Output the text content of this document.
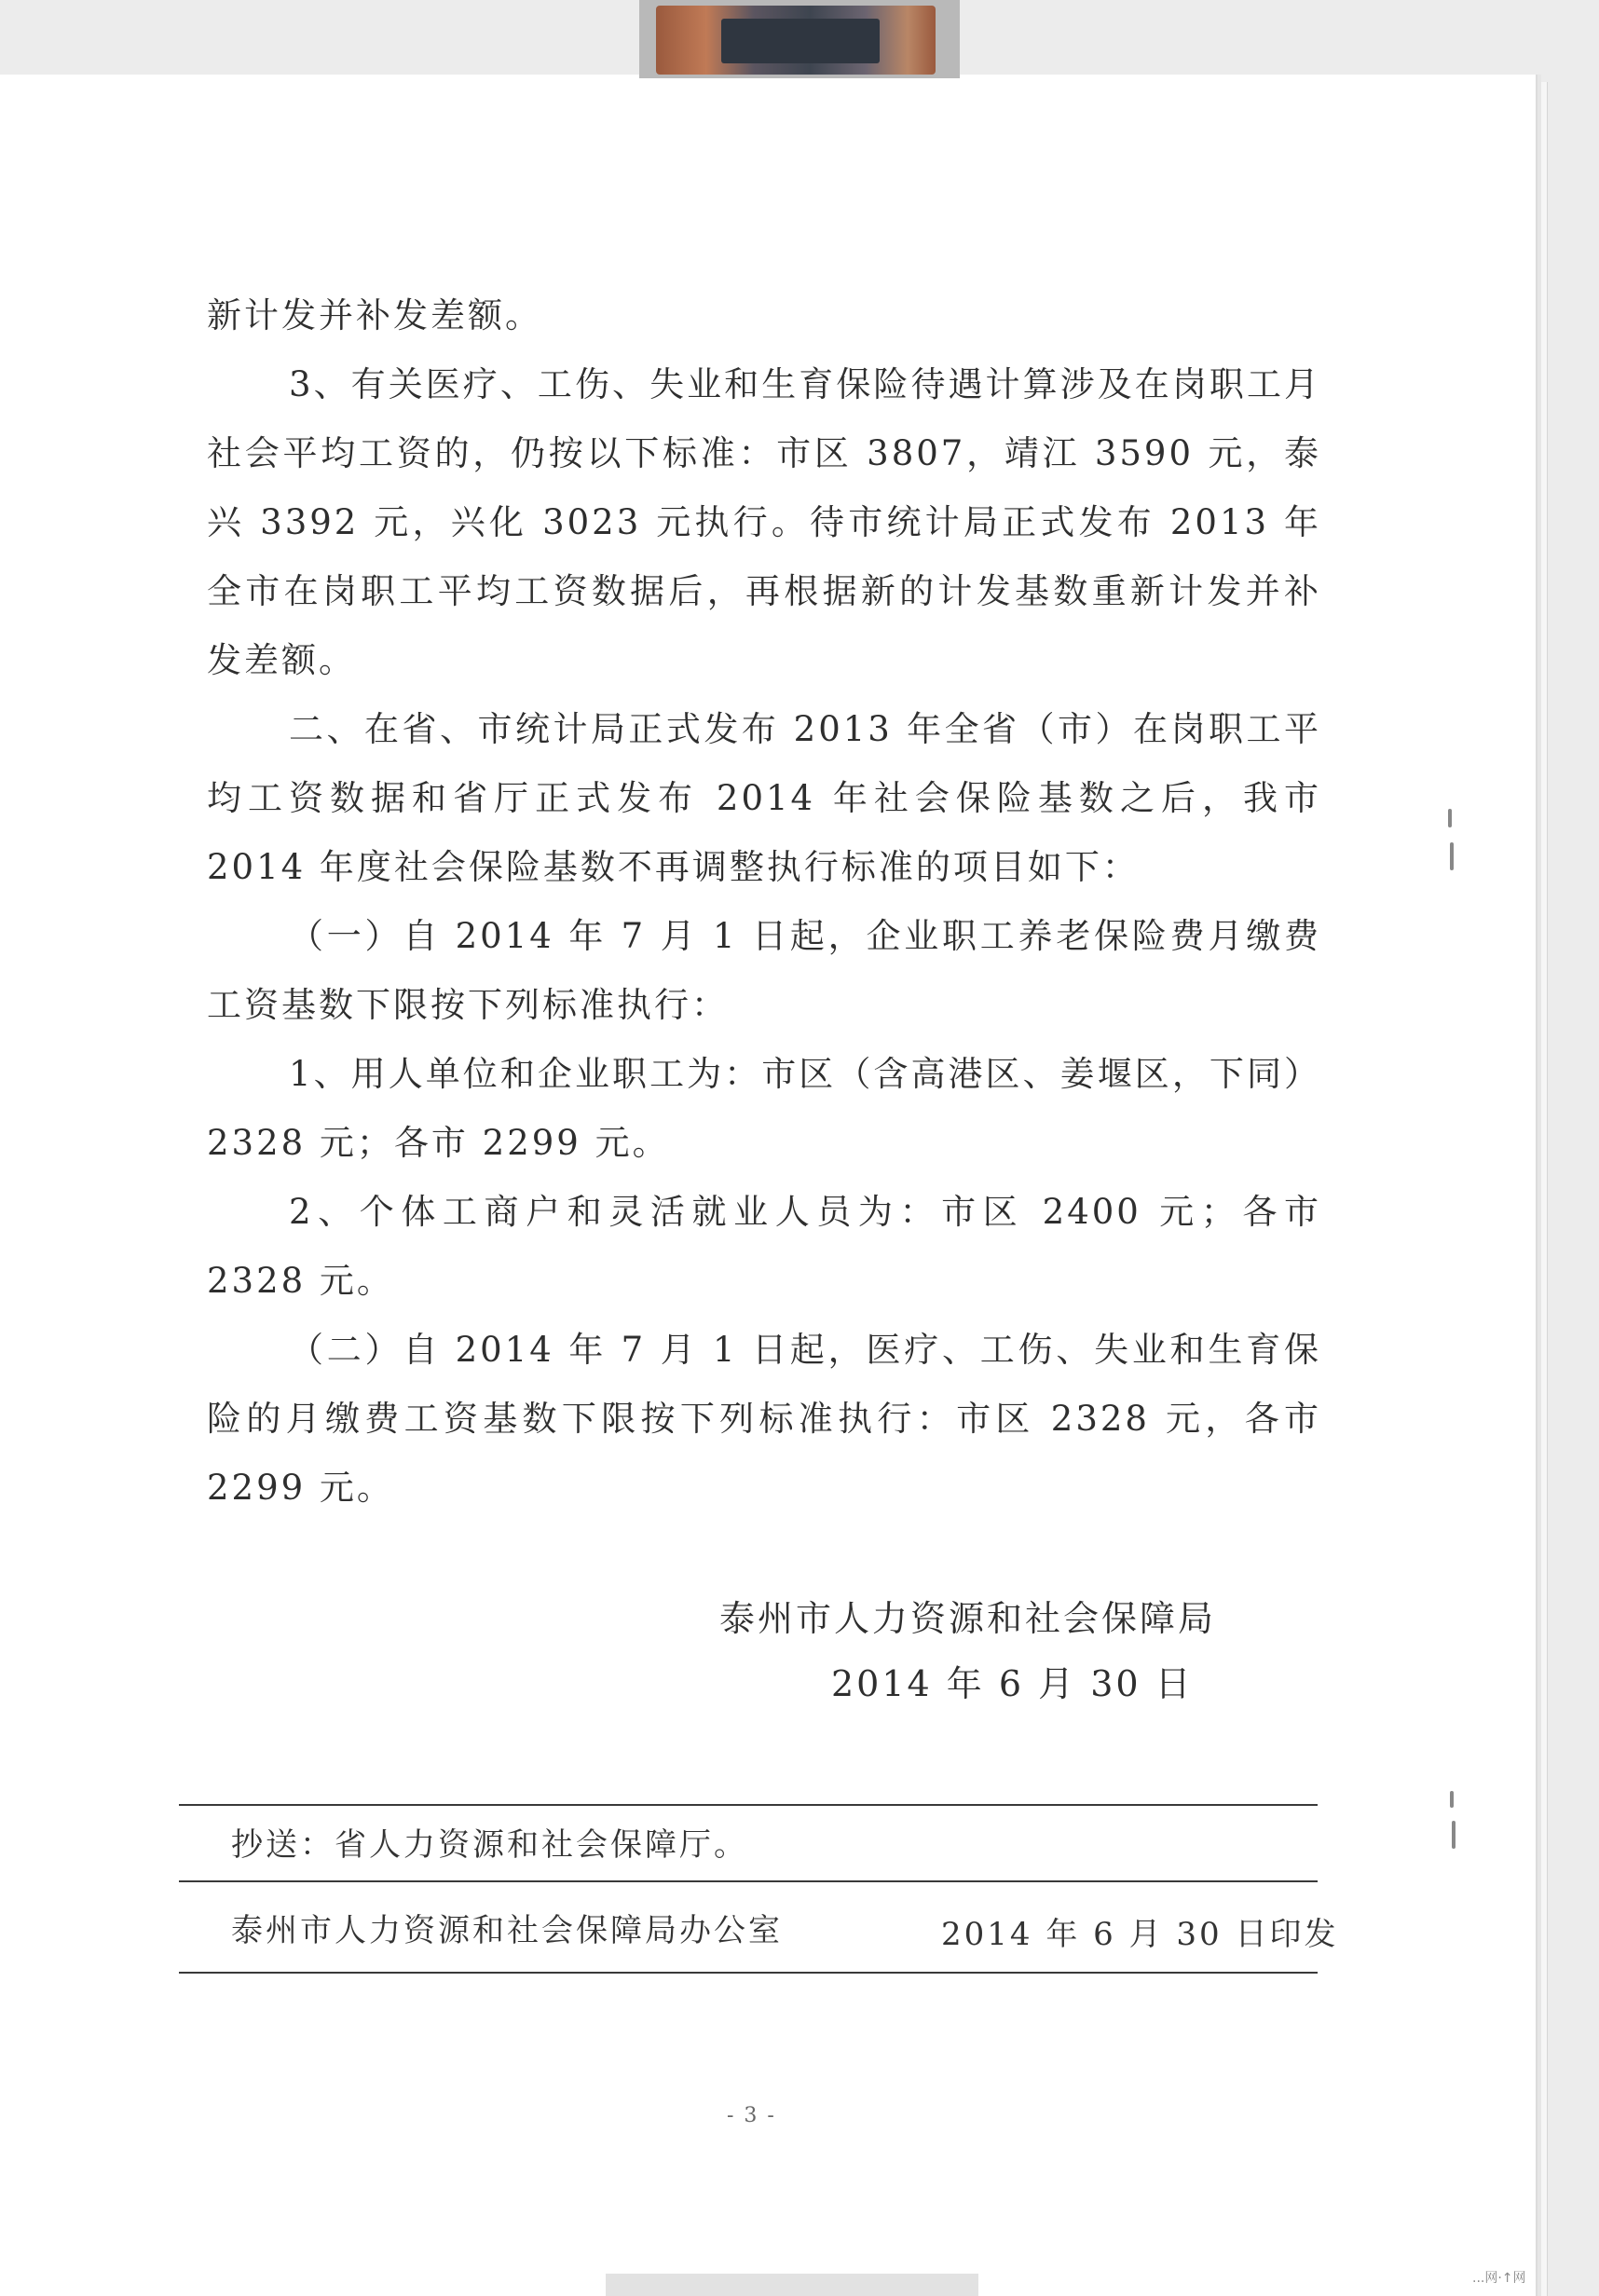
新计发并补发差额。

3、有关医疗、工伤、失业和生育保险待遇计算涉及在岗职工月社会平均工资的，仍按以下标准：市区 3807，靖江 3590 元，泰兴 3392 元，兴化 3023 元执行。待市统计局正式发布 2013 年全市在岗职工平均工资数据后，再根据新的计发基数重新计发并补发差额。

二、在省、市统计局正式发布 2013 年全省（市）在岗职工平均工资数据和省厅正式发布 2014 年社会保险基数之后，我市 2014 年度社会保险基数不再调整执行标准的项目如下：

（一）自 2014 年 7 月 1 日起，企业职工养老保险费月缴费工资基数下限按下列标准执行：

1、用人单位和企业职工为：市区（含高港区、姜堰区，下同）2328 元；各市 2299 元。

2、个体工商户和灵活就业人员为：市区 2400 元；各市 2328 元。

（二）自 2014 年 7 月 1 日起，医疗、工伤、失业和生育保险的月缴费工资基数下限按下列标准执行：市区 2328 元，各市 2299 元。

泰州市人力资源和社会保障局
2014 年 6 月 30 日
抄送：省人力资源和社会保障厅。
泰州市人力资源和社会保障局办公室	2014 年 6 月 30 日印发
- 3 -
...网·↑网
